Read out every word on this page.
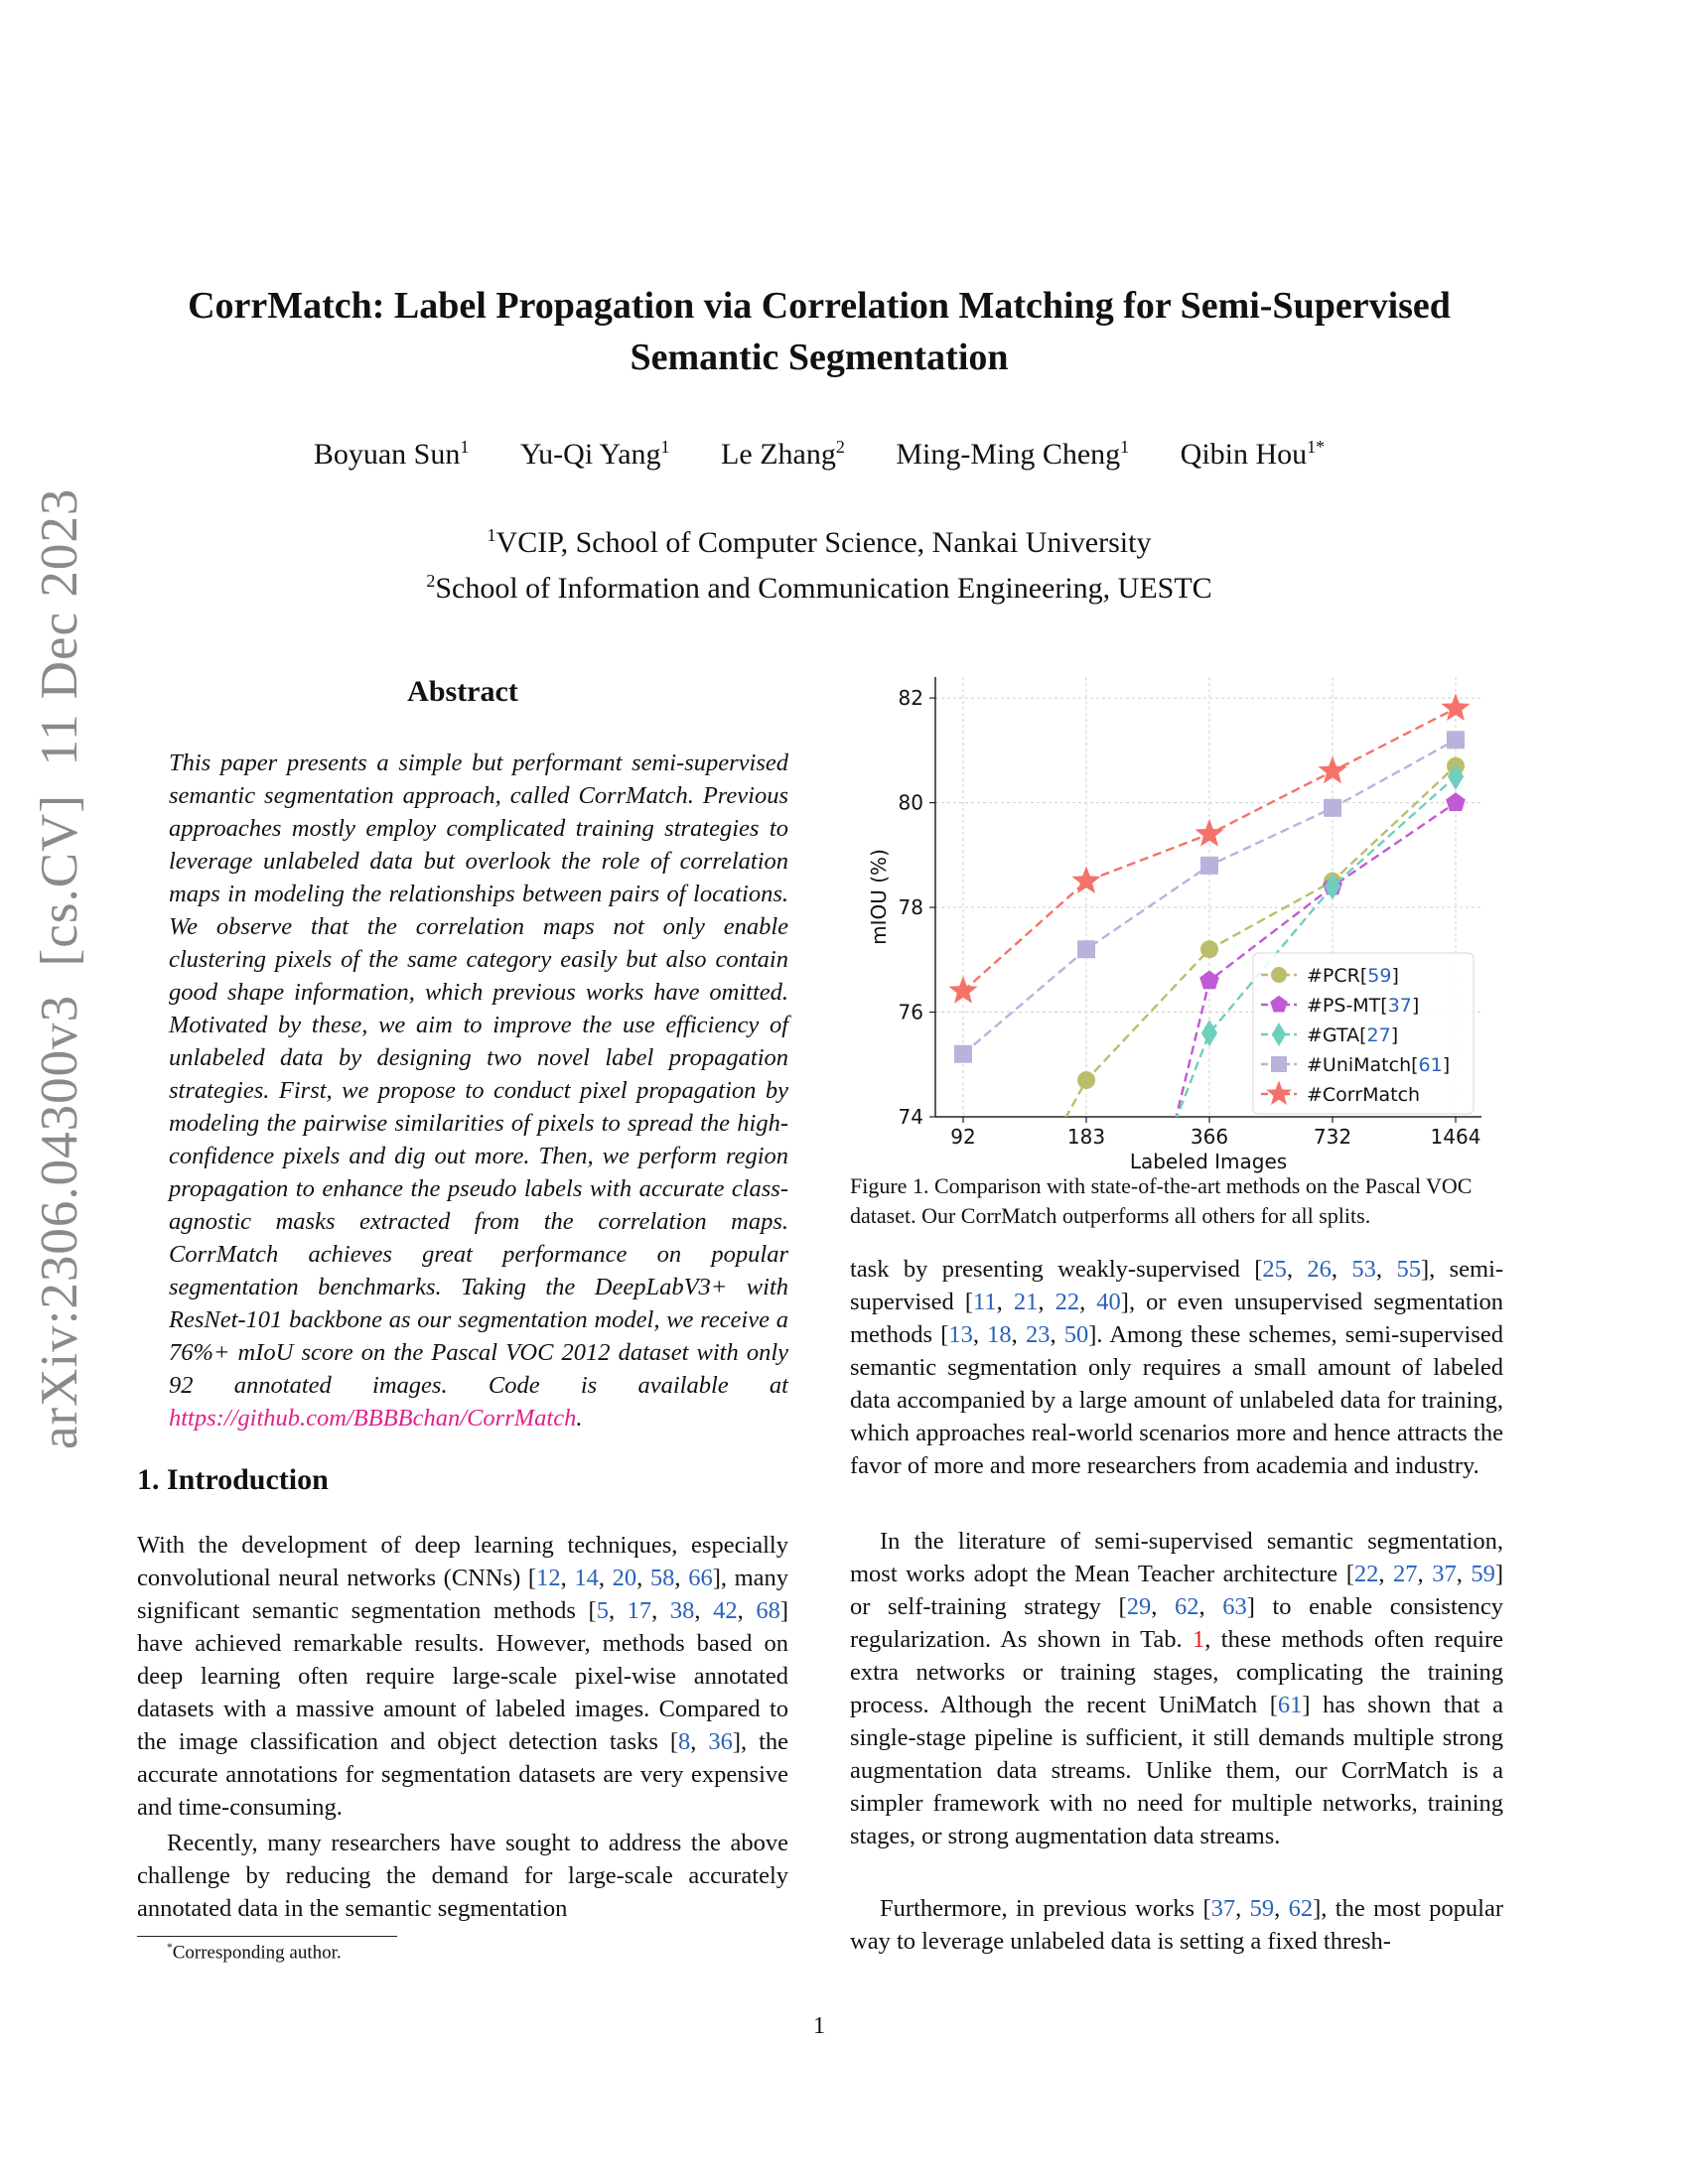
arXiv:2306.04300v3  [cs.CV]  11 Dec 2023
CorrMatch: Label Propagation via Correlation Matching for Semi-Supervised
Semantic Segmentation
Boyuan Sun$^1$ Yu-Qi Yang$^1$ Le Zhang$^2$ Ming-Ming Cheng$^1$ Qibin Hou$^{1*}$
$^1$VCIP, School of Computer Science, Nankai University
$^2$School of Information and Communication Engineering, UESTC
Abstract
This paper presents a simple but performant semi-supervised semantic segmentation approach, called CorrMatch. Previous approaches mostly employ complicated training strategies to leverage unlabeled data but overlook the role of correlation maps in modeling the relationships between pairs of locations. We observe that the correlation maps not only enable clustering pixels of the same category easily but also contain good shape information, which previous works have omitted. Motivated by these, we aim to improve the use efficiency of unlabeled data by designing two novel label propagation strategies. First, we propose to conduct pixel propagation by modeling the pairwise similarities of pixels to spread the high-confidence pixels and dig out more. Then, we perform region propagation to enhance the pseudo labels with accurate class-agnostic masks extracted from the correlation maps. CorrMatch achieves great performance on popular segmentation benchmarks. Taking the DeepLabV3+ with ResNet-101 backbone as our segmentation model, we receive a 76%+ mIoU score on the Pascal VOC 2012 dataset with only 92 annotated images. Code is available at https://github.com/BBBBchan/CorrMatch.
1. Introduction
With the development of deep learning techniques, especially convolutional neural networks (CNNs) [12, 14, 20, 58, 66], many significant semantic segmentation methods [5, 17, 38, 42, 68] have achieved remarkable results. However, methods based on deep learning often require large-scale pixel-wise annotated datasets with a massive amount of labeled images. Compared to the image classification and object detection tasks [8, 36], the accurate annotations for segmentation datasets are very expensive and time-consuming.
Recently, many researchers have sought to address the above challenge by reducing the demand for large-scale accurately annotated data in the semantic segmentation
*Corresponding author.
74
76
78
80
82
92	183	366	732	1464
Labeled Images
mIOU (%)
#PCR[59]
#PS-MT[37]
#GTA[27]
#UniMatch[61]
#CorrMatch
Figure 1. Comparison with state-of-the-art methods on the Pascal VOC dataset. Our CorrMatch outperforms all others for all splits.
task by presenting weakly-supervised [25, 26, 53, 55], semi-supervised [11, 21, 22, 40], or even unsupervised segmentation methods [13, 18, 23, 50]. Among these schemes, semi-supervised semantic segmentation only requires a small amount of labeled data accompanied by a large amount of unlabeled data for training, which approaches real-world scenarios more and hence attracts the favor of more and more researchers from academia and industry.
In the literature of semi-supervised semantic segmentation, most works adopt the Mean Teacher architecture [22, 27, 37, 59] or self-training strategy [29, 62, 63] to enable consistency regularization. As shown in Tab. 1, these methods often require extra networks or training stages, complicating the training process. Although the recent UniMatch [61] has shown that a single-stage pipeline is sufficient, it still demands multiple strong augmentation data streams. Unlike them, our CorrMatch is a simpler framework with no need for multiple networks, training stages, or strong augmentation data streams.
Furthermore, in previous works [37, 59, 62], the most popular way to leverage unlabeled data is setting a fixed thresh-
1
